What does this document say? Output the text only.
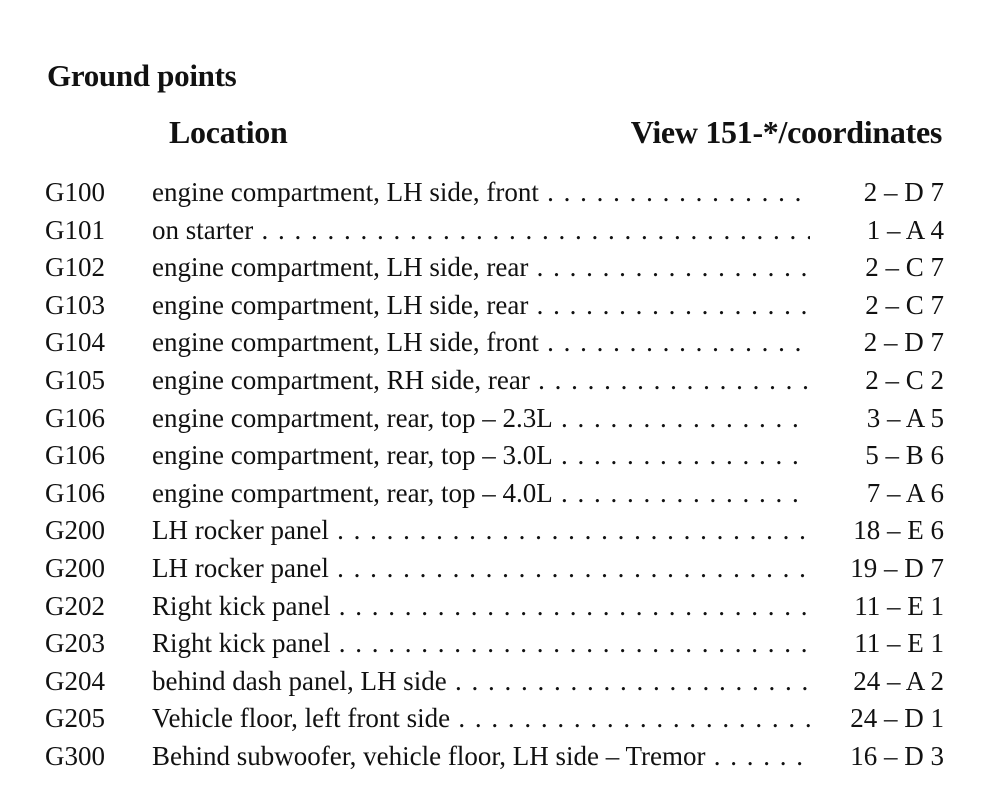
Ground points
Location	View 151-*/coordinates
G100 engine compartment, LH side, front . . .	2 – D 7
G101 on starter . . .	1 – A 4
G102 engine compartment, LH side, rear . . .	2 – C 7
G103 engine compartment, LH side, rear . . .	2 – C 7
G104 engine compartment, LH side, front . . .	2 – D 7
G105 engine compartment, RH side, rear . . .	2 – C 2
G106 engine compartment, rear, top – 2.3L . . .	3 – A 5
G106 engine compartment, rear, top – 3.0L . . .	5 – B 6
G106 engine compartment, rear, top – 4.0L . . .	7 – A 6
G200 LH rocker panel . . .	18 – E 6
G200 LH rocker panel . . .	19 – D 7
G202 Right kick panel . . .	11 – E 1
G203 Right kick panel . . .	11 – E 1
G204 behind dash panel, LH side . . .	24 – A 2
G205 Vehicle floor, left front side . . .	24 – D 1
G300 Behind subwoofer, vehicle floor, LH side – Tremor . . .	16 – D 3
